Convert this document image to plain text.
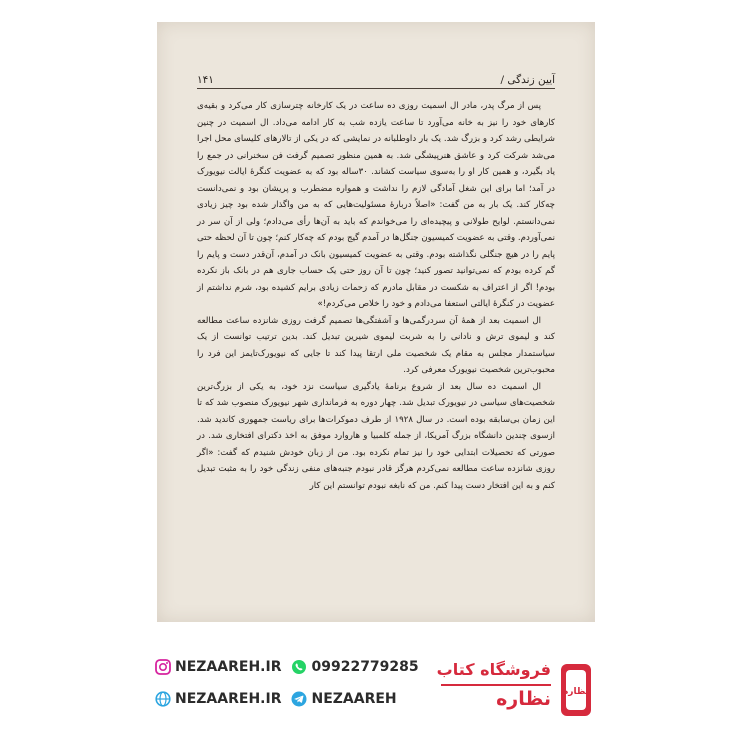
آیین زندگی /
۱۴۱

پس از مرگ پدر، مادر ال اسمیت روزی ده ساعت در یک کارخانه چترسازی کار می‌کرد و بقیه‌ی کارهای خود را نیز به خانه می‌آورد تا ساعت یازده شب به کار ادامه می‌داد. ال اسمیت در چنین شرایطی رشد کرد و بزرگ شد. یک بار داوطلبانه در نمایشی که در یکی از تالارهای کلیسای محل اجرا می‌شد شرکت کرد و عاشق هنرپیشگی شد. به همین منظور تصمیم گرفت فن سخنرانی در جمع را یاد بگیرد، و همین کار او را به‌سوی سیاست کشاند. ۳۰ساله بود که به عضویت کنگرهٔ ایالت نیویورک در آمد؛ اما برای این شغل آمادگی لازم را نداشت و همواره مضطرب و پریشان بود و نمی‌دانست چه‌کار کند. یک بار به من گفت: «اصلاً دربارهٔ مسئولیت‌هایی که به من واگذار شده بود چیز زیادی نمی‌دانستم. لوایح طولانی و پیچیده‌ای را می‌خواندم که باید به آن‌ها رأی می‌دادم؛ ولی از آن سر در نمی‌آوردم. وقتی به عضویت کمیسیون جنگل‌ها در آمدم گیج بودم که چه‌کار کنم؛ چون تا آن لحظه حتی پایم را در هیچ جنگلی نگذاشته بودم. وقتی به عضویت کمیسیون بانک در آمدم، آن‌قدر دست و پایم را گم کرده بودم که نمی‌توانید تصور کنید؛ چون تا آن روز حتی یک حساب جاری هم در بانک باز نکرده بودم! اگر از اعتراف به شکست در مقابل مادرم که زحمات زیادی برایم کشیده بود، شرم نداشتم از عضویت در کنگرهٔ ایالتی استعفا می‌دادم و خود را خلاص می‌کردم!»

ال اسمیت بعد از همهٔ آن سردرگمی‌ها و آشفتگی‌ها تصمیم گرفت روزی شانزده ساعت مطالعه کند و لیموی ترش و نادانی را به شربت لیموی شیرین تبدیل کند. بدین ترتیب توانست از یک سیاستمدار مجلس به مقام یک شخصیت ملی ارتقا پیدا کند تا جایی که نیویورک‌تایمز این فرد را محبوب‌ترین شخصیت نیویورک معرفی کرد.

ال اسمیت ده سال بعد از شروع برنامهٔ یادگیری سیاست نزد خود، به یکی از بزرگ‌ترین شخصیت‌های سیاسی در نیویورک تبدیل شد. چهار دوره به فرمانداری شهر نیویورک منصوب شد که تا این زمان بی‌سابقه بوده است. در سال ۱۹۲۸ از طرف دموکرات‌ها برای ریاست جمهوری کاندید شد. ازسوی چندین دانشگاه بزرگ آمریکا، از جمله کلمبیا و هاروارد موفق به اخذ دکترای افتخاری شد. در صورتی که تحصیلات ابتدایی خود را نیز تمام نکرده بود. من از زبان خودش شنیدم که گفت: «اگر روزی شانزده ساعت مطالعه نمی‌کردم هرگز قادر نبودم جنبه‌های منفی زندگی خود را به مثبت تبدیل کنم و به این افتخار دست پیدا کنم. من که نابغه نبودم توانستم این کار

NEZAAREH.IR 09922779285
NEZAAREH.IR NEZAAREH
فروشگاه کتاب
نظاره نظاره
